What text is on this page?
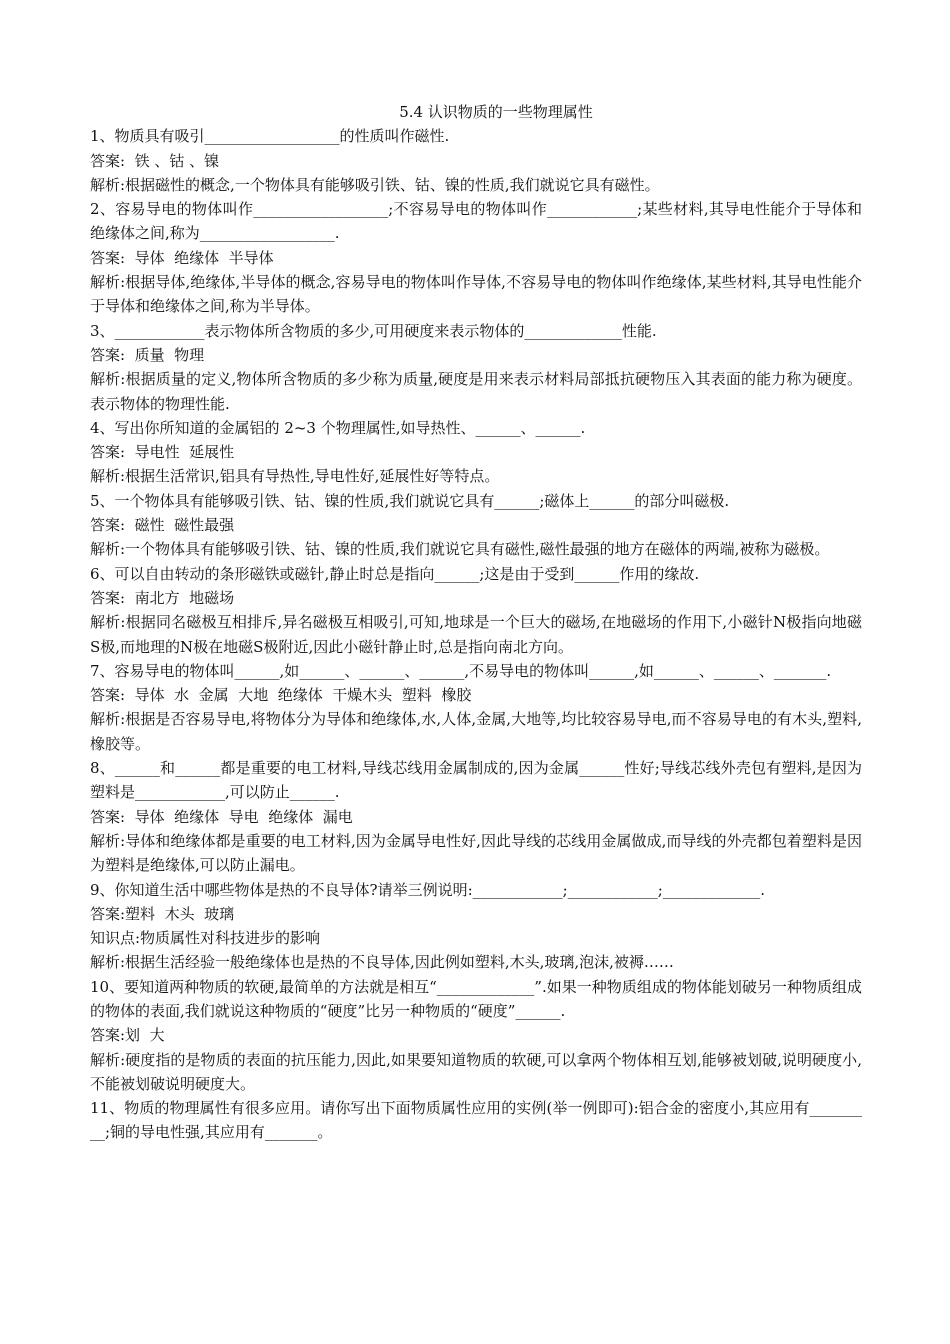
5.4 认识物质的一些物理属性

1、物质具有吸引__________________的性质叫作磁性.

答案:  铁 、钴 、镍

解析:根据磁性的概念,一个物体具有能够吸引铁、钴、镍的性质,我们就说它具有磁性。

2、容易导电的物体叫作__________________;不容易导电的物体叫作____________;某些材料,其导电性能介于导体和绝缘体之间,称为__________________.

答案:  导体  绝缘体  半导体

解析:根据导体,绝缘体,半导体的概念,容易导电的物体叫作导体,不容易导电的物体叫作绝缘体,某些材料,其导电性能介于导体和绝缘体之间,称为半导体。

3、____________表示物体所含物质的多少,可用硬度来表示物体的_____________性能.

答案:  质量  物理

解析:根据质量的定义,物体所含物质的多少称为质量,硬度是用来表示材料局部抵抗硬物压入其表面的能力称为硬度。表示物体的物理性能.

4、写出你所知道的金属铝的 2~3 个物理属性,如导热性、______、______.

答案:  导电性  延展性

解析:根据生活常识,铝具有导热性,导电性好,延展性好等特点。

5、一个物体具有能够吸引铁、钴、镍的性质,我们就说它具有______;磁体上______的部分叫磁极.

答案:  磁性  磁性最强

解析:一个物体具有能够吸引铁、钴、镍的性质,我们就说它具有磁性,磁性最强的地方在磁体的两端,被称为磁极。

6、可以自由转动的条形磁铁或磁针,静止时总是指向______;这是由于受到______作用的缘故.

答案:  南北方  地磁场

解析:根据同名磁极互相排斥,异名磁极互相吸引,可知,地球是一个巨大的磁场,在地磁场的作用下,小磁针N极指向地磁S极,而地理的N极在地磁S极附近,因此小磁针静止时,总是指向南北方向。

7、容易导电的物体叫______,如______、______、______,不易导电的物体叫______,如______、______、_______.

答案:  导体  水  金属  大地  绝缘体  干燥木头  塑料  橡胶

解析:根据是否容易导电,将物体分为导体和绝缘体,水,人体,金属,大地等,均比较容易导电,而不容易导电的有木头,塑料,橡胶等。

8、______和______都是重要的电工材料,导线芯线用金属制成的,因为金属______性好;导线芯线外壳包有塑料,是因为塑料是____________,可以防止______.

答案:  导体  绝缘体  导电  绝缘体  漏电

解析:导体和绝缘体都是重要的电工材料,因为金属导电性好,因此导线的芯线用金属做成,而导线的外壳都包着塑料是因为塑料是绝缘体,可以防止漏电。

9、你知道生活中哪些物体是热的不良导体?请举三例说明:____________;____________;_____________.

答案:塑料  木头  玻璃

知识点:物质属性对科技进步的影响

解析:根据生活经验一般绝缘体也是热的不良导体,因此例如塑料,木头,玻璃,泡沫,被褥……

10、要知道两种物质的软硬,最简单的方法就是相互“_____________”.如果一种物质组成的物体能划破另一种物质组成的物体的表面,我们就说这种物质的“硬度”比另一种物质的“硬度”______.

答案:划  大

解析:硬度指的是物质的表面的抗压能力,因此,如果要知道物质的软硬,可以拿两个物体相互划,能够被划破,说明硬度小,不能被划破说明硬度大。

11、物质的物理属性有很多应用。请你写出下面物质属性应用的实例(举一例即可):铝合金的密度小,其应用有_________;铜的导电性强,其应用有_______。
